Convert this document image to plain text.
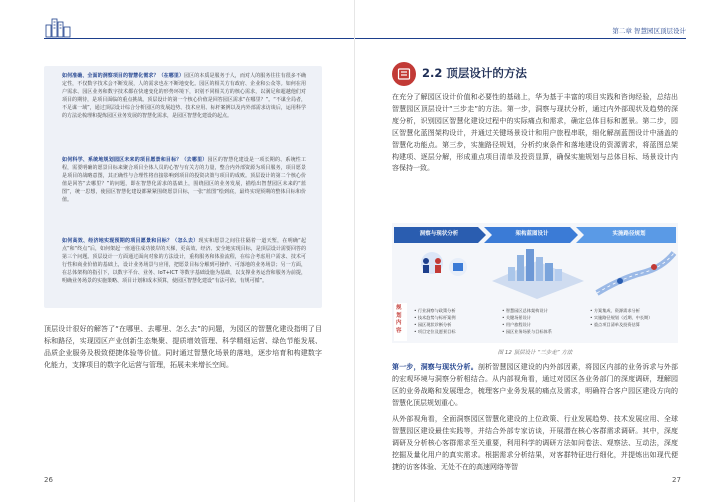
如何准确、全面的洞察项目的智慧化需求？（在哪里）园区的本质是服务于人，而对人的服务往往有很多不确定性，不仅数字技术会不断发展，人的需求也在不断地变化。园区的相关方有政府、企业和公众等。如何在用户需求、园区业务和数字技术都在快速变化的形势环境下，识别不同相关方的核心需求，以满足和超越他们对项目的期待，是项目面临的重点挑战。顶层设计的第一个核心价值是回答园区需求“在哪里？”。“不谋全局者，不足谋一域”，通过顶层设计综合分析园区的发展趋势、技术应用、标杆案例以及内外部需求访谈后，运用科学的方法论梳理和提炼园区业务发展的智慧化需求，是园区智慧化建设的起点。
如何科学、系统地规划园区未来的项目愿景和目标？（去哪里）园区的智慧化建设是一项长期的、系统性工程，需要明确的愿景目标来聚合项目全体人员的心智与有关方的力量，整合内外部资源为项目服务，项目愿景是项目的战略意图，其正确性与合理性将直接影响到项目的投资决策与项目的成败。顶层设计的第二个核心价值是回答“去哪里？”的问题，即在智慧化需求的基础上，围绕园区的业务发展，描绘出智慧园区未来的“蓝图”，统一思想，使园区智慧化建设都紧紧围绕愿景目标，一张“蓝图”绘到底，最终实现预期的整体目标和价值。
如何高效、经济地实现预期的项目愿景和目标？（怎么去）现实和愿景之间往往隔着一道天堑，在明确“起点”和“终点”后，如何架起一座通往成功彼岸的天梯，更高效、经济、安全地实现目标，是顶层设计需要回答的第三个问题。顶层设计一方面通过面向对象的方法设计，重构服务和体验流程，在综合考虑用户需求、技术可行性和商业价值的基础上，设计业务场景与应用，把愿景目标分解到可操作、可落地的业务场景；另一方面，在总体架构的指引下，以数字平台、业务、IoT+ICT 等数字基础设施为基础，以支撑业务运营和服务为前提，明确业务场景的实施策略、项目计划和成本预算，使园区智慧化建设“有法可依、有规可循”。
顶层设计很好的解答了“在哪里、去哪里、怎么去”的问题，为园区的智慧化建设指明了目标和路径，实现园区产业创新生态集聚、提质增效管理、科学精细运营、绿色节能发展、品质企业服务及极致便捷体验等价值。同时通过智慧化场景的落地，逐步培育和构建数字化能力，支撑项目的数字化运营与管理，拓展未来增长空间。
26
第二章 智慧园区顶层设计
2.2 顶层设计的方法
在充分了解园区设计价值和必要性的基础上，华为基于丰富的项目实践和咨询经验，总结出智慧园区顶层设计“三步走”的方法。第一步，洞察与现状分析，通过内外部现状及趋势的深度分析，识别园区智慧化建设过程中的实际痛点和需求，确定总体目标和愿景。第二步，园区智慧化蓝图架构设计，并通过关键场景设计和用户旅程串联，细化解剖蓝图设计中涵盖的智慧化功能点。第三步，实施路径规划，分析约束条件和落地建设的资源需求，将蓝图总架构建项、逐层分解，形成重点项目清单及投资显算，确保实施规划与总体目标、场景设计内容保持一致。
洞察与现状分析	架构蓝图设计	实施路径规划
规划内容
• 行业洞察与政策分析
• 技术趋势与标杆案例
• 园区现状诊断分析
• 项目定位及愿景目标
• 智慧园区总体架构设计
• 关键场景设计
• 用户旅程设计
• 园区业务场景与目标体系
• 方案集成、资源需求分析
• 实施路径规划（近期、中长期）
• 重点项目清单及投资估算
图 12 顶层设计 “三步走” 方法
第一步，洞察与现状分析。剖析智慧园区建设的内外部因素，将园区内部的业务诉求与外部的宏观环境与洞察分析相结合。从内部视角看，通过对园区各业务部门的深度调研，理解园区的业务战略和发展理念，梳理客户业务发展的痛点及需求，明确符合客户园区建设方向的智慧化顶层规划重心。
从外部视角看，全面洞察园区智慧化建设的上位政策、行业发展趋势、技术发展应用、全球智慧园区建设最佳实践等，并结合外部专家访谈，开展潜在核心客群需求调研。其中，深度调研及分析核心客群需求至关重要，利用科学的调研方法如问卷法、观察法、互动法，深度挖掘及量化用户的真实需求。根据需求分析结果，对客群特征进行细化，并提炼出如现代便捷的访客体验、无处不在的高速网络等智
27
